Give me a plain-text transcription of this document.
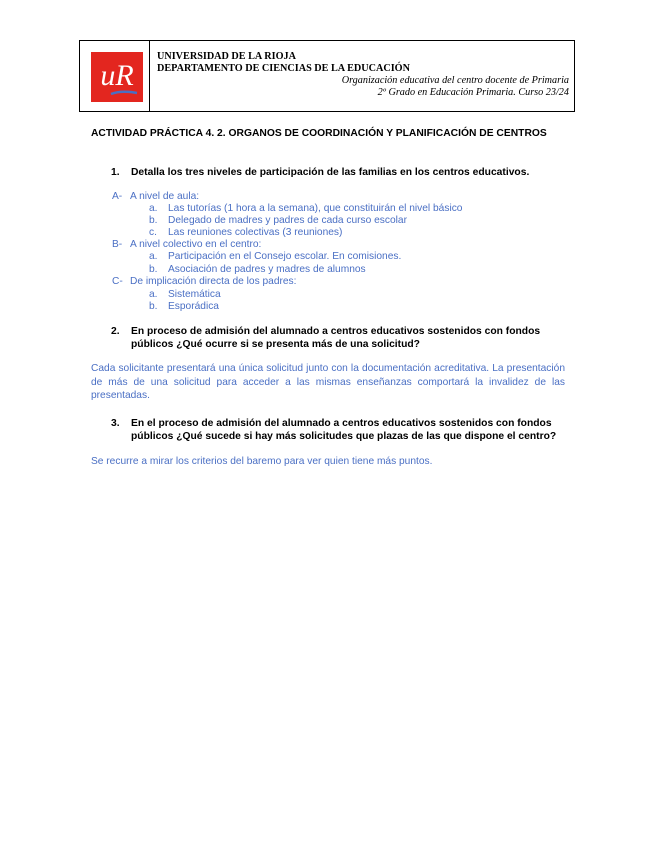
uR
UNIVERSIDAD DE LA RIOJA
DEPARTAMENTO DE CIENCIAS DE LA EDUCACIÓN
Organización educativa del centro docente de Primaria
2º Grado en Educación Primaria. Curso 23/24
ACTIVIDAD PRÁCTICA 4. 2. ORGANOS DE COORDINACIÓN Y PLANIFICACIÓN DE CENTROS
1. Detalla los tres niveles de participación de las familias en los centros educativos.
A- A nivel de aula:
a. Las tutorías (1 hora a la semana), que constituirán el nivel básico
b. Delegado de madres y padres de cada curso escolar
c. Las reuniones colectivas (3 reuniones)
B- A nivel colectivo en el centro:
a. Participación en el Consejo escolar. En comisiones.
b. Asociación de padres y madres de alumnos
C- De implicación directa de los padres:
a. Sistemática
b. Esporádica
2. En proceso de admisión del alumnado a centros educativos sostenidos con fondos públicos ¿Qué ocurre si se presenta más de una solicitud?
Cada solicitante presentará una única solicitud junto con la documentación acreditativa. La presentación de más de una solicitud para acceder a las mismas enseñanzas comportará la invalidez de las presentadas.
3. En el proceso de admisión del alumnado a centros educativos sostenidos con fondos públicos ¿Qué sucede si hay más solicitudes que plazas de las que dispone el centro?
Se recurre a mirar los criterios del baremo para ver quien tiene más puntos.
